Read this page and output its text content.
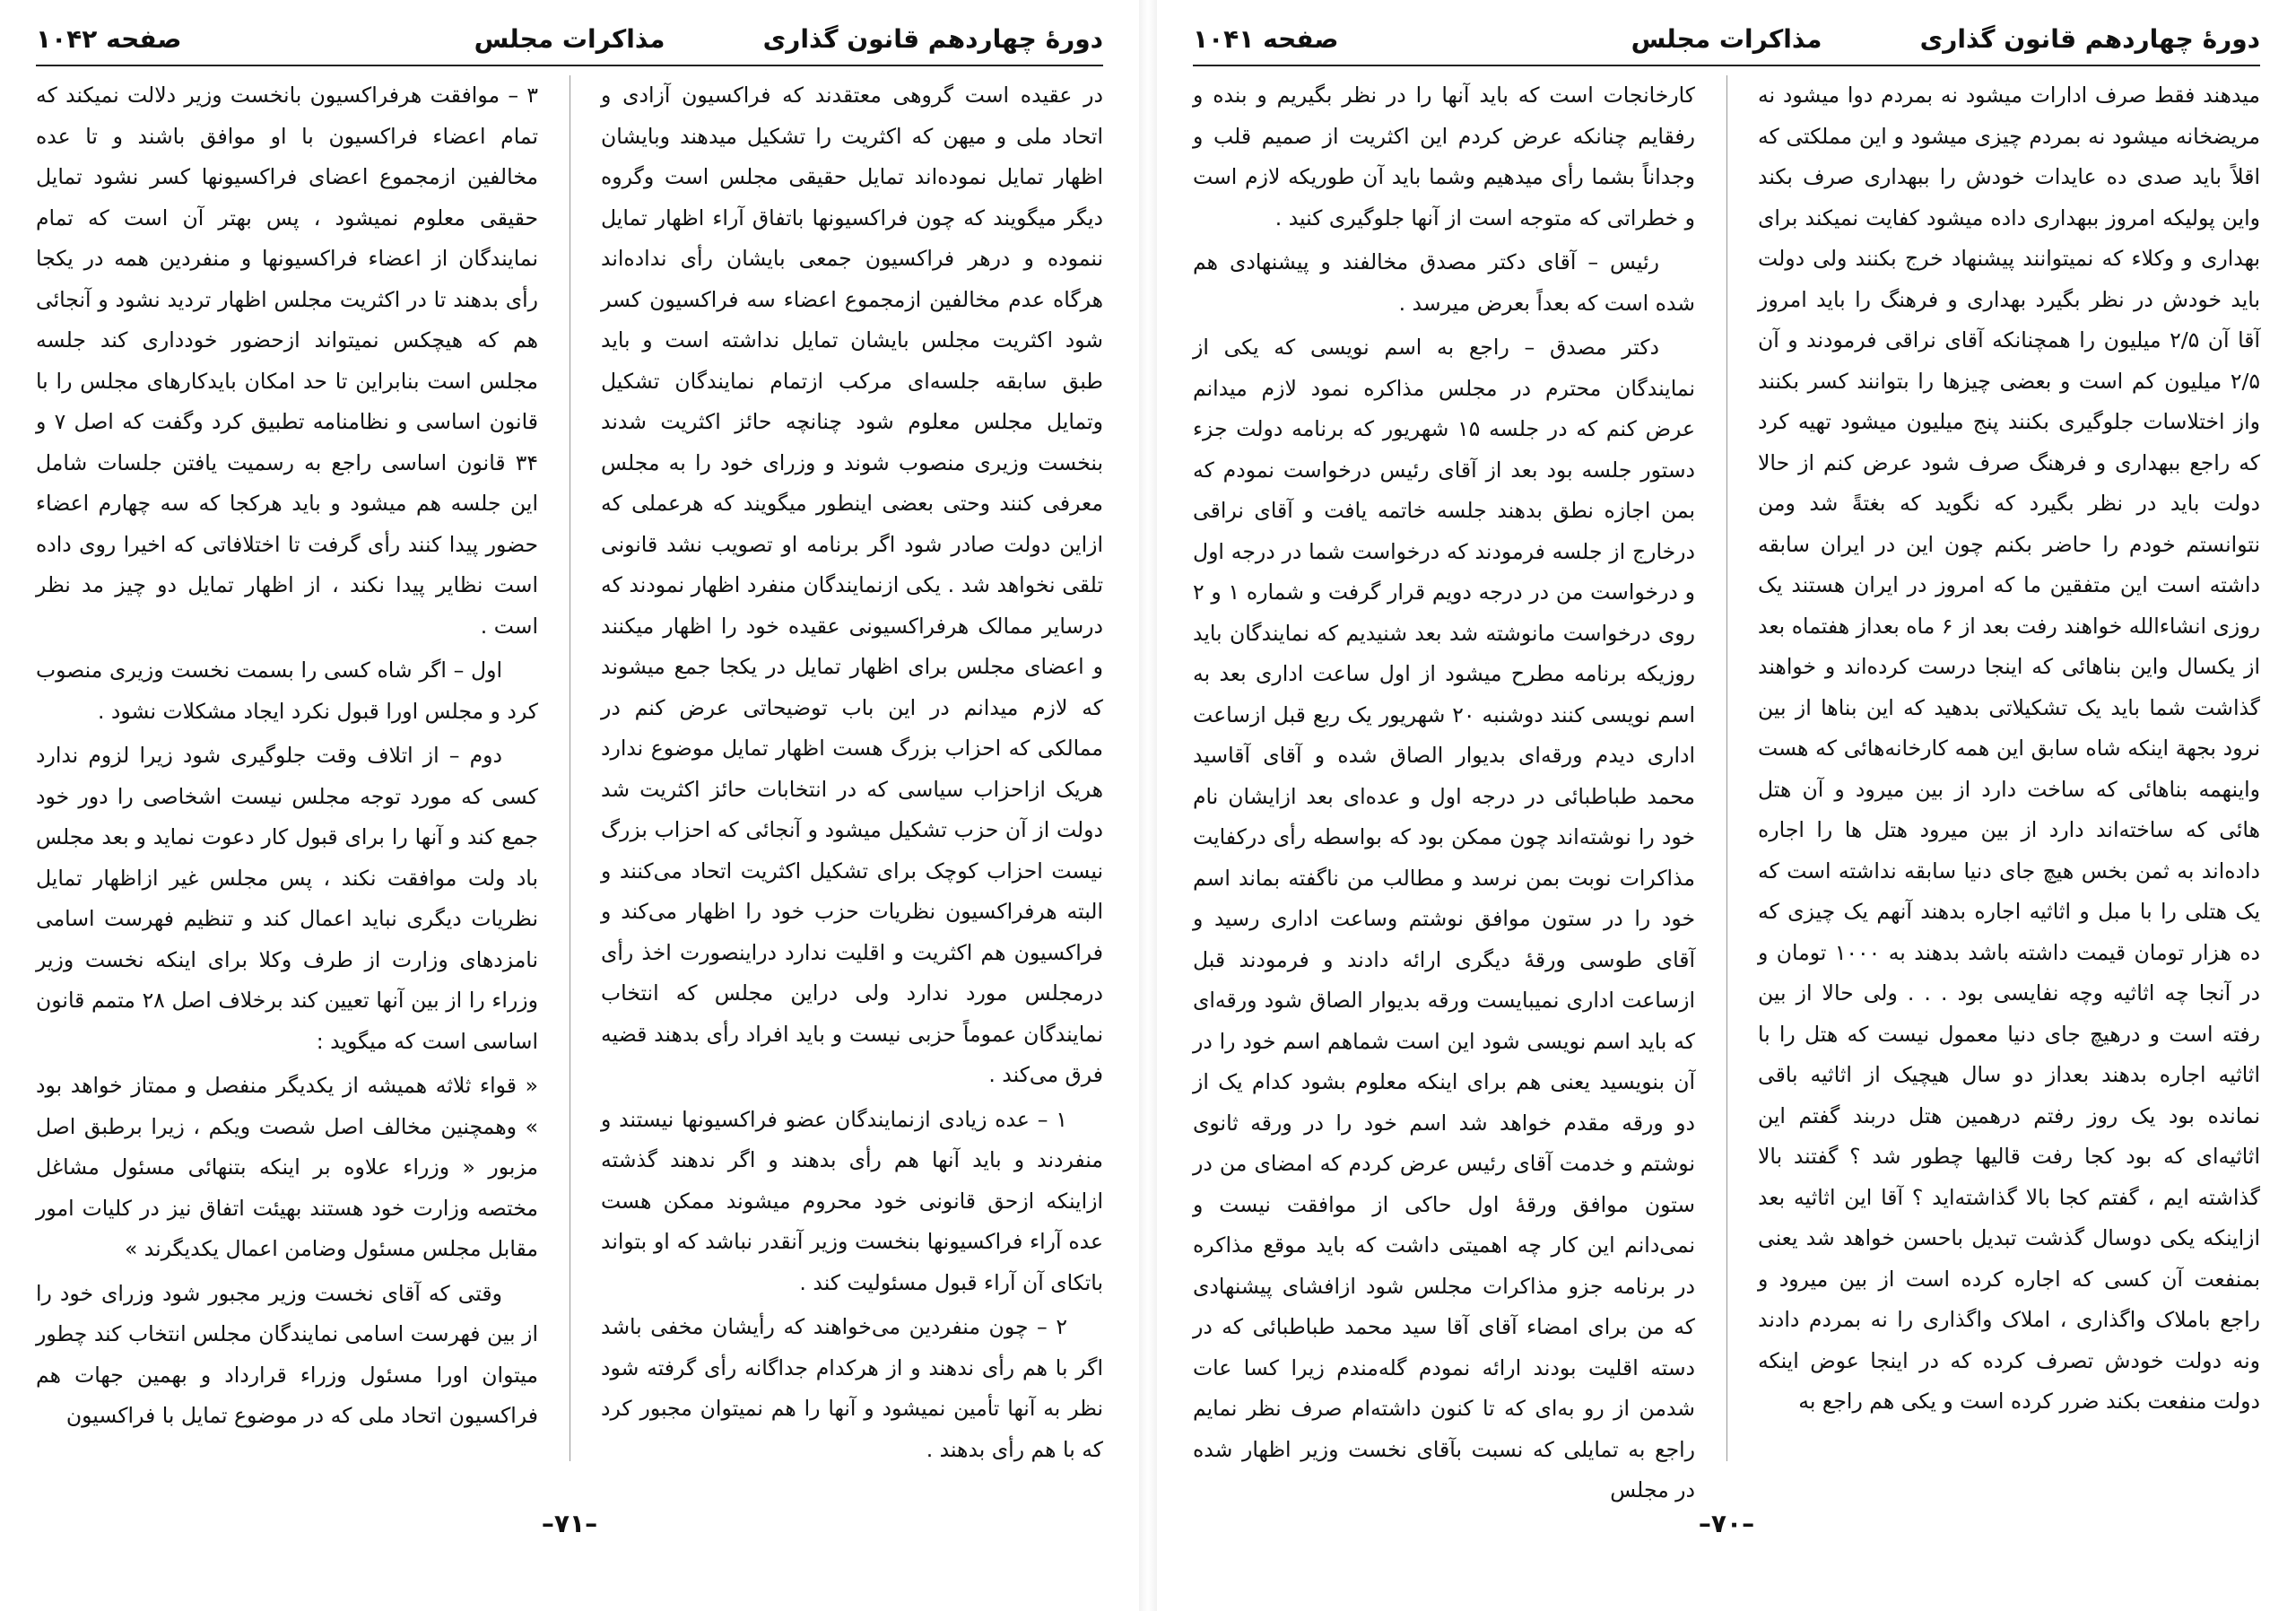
دورهٔ چهاردهم قانون گذاری
مذاکرات مجلس
صفحه ۱۰۴۲

در عقیده است گروهی معتقدند که فراکسیون آزادی و اتحاد ملی و میهن که اکثریت را تشکیل میدهند وبایشان اظهار تمایل نموده‌اند تمایل حقیقی مجلس است وگروه دیگر میگویند که چون فراکسیونها باتفاق آراء اظهار تمایل ننموده و درهر فراکسیون جمعی بایشان رأی نداده‌اند هرگاه عدم مخالفین ازمجموع اعضاء سه فراکسیون کسر شود اکثریت مجلس بایشان تمایل نداشته است و باید طبق سابقه جلسه‌ای مرکب ازتمام نمایندگان تشکیل وتمایل مجلس معلوم شود چنانچه حائز اکثریت شدند بنخست وزیری منصوب شوند و وزرای خود را به مجلس معرفی کنند وحتی بعضی اینطور میگویند که هرعملی که ازاین دولت صادر شود اگر برنامه او تصویب نشد قانونی تلقی نخواهد شد . یکی ازنمایندگان منفرد اظهار نمودند که درسایر ممالک هرفراکسیونی عقیده خود را اظهار میکنند و اعضای مجلس برای اظهار تمایل در یکجا جمع میشوند که لازم میدانم در این باب توضیحاتی عرض کنم در ممالکی که احزاب بزرگ هست اظهار تمایل موضوع ندارد هریک ازاحزاب سیاسی که در انتخابات حائز اکثریت شد دولت از آن حزب تشکیل میشود و آنجائی که احزاب بزرگ نیست احزاب کوچک برای تشکیل اکثریت اتحاد می‌کنند و البته هرفراکسیون نظریات حزب خود را اظهار می‌کند و فراکسیون هم اکثریت و اقلیت ندارد دراینصورت اخذ رأی درمجلس مورد ندارد ولی دراین مجلس که انتخاب نمایندگان عموماً حزبی نیست و باید افراد رأی بدهند قضیه فرق می‌کند .

۱ – عده زیادی ازنمایندگان عضو فراکسیونها نیستند و منفردند و باید آنها هم رأی بدهند و اگر ندهند گذشته ازاینکه ازحق قانونی خود محروم میشوند ممکن هست عده آراء فراکسیونها بنخست وزیر آنقدر نباشد که او بتواند باتکای آن آراء قبول مسئولیت کند .

۲ – چون منفردین می‌خواهند که رأیشان مخفی باشد اگر با هم رأی ندهند و از هرکدام جداگانه رأی گرفته شود نظر به آنها تأمین نمیشود و آنها را هم نمیتوان مجبور کرد که با هم رأی بدهند .

۳ – موافقت هرفراکسیون بانخست وزیر دلالت نمیکند که تمام اعضاء فراکسیون با او موافق باشند و تا عده مخالفین ازمجموع اعضای فراکسیونها کسر نشود تمایل حقیقی معلوم نمیشود ، پس بهتر آن است که تمام نمایندگان از اعضاء فراکسیونها و منفردین همه در یکجا رأی بدهند تا در اکثریت مجلس اظهار تردید نشود و آنجائی هم که هیچکس نمیتواند ازحضور خودداری کند جلسه مجلس است بنابراین تا حد امکان بایدکارهای مجلس را با قانون اساسی و نظامنامه تطبیق کرد وگفت که اصل ۷ و ۳۴ قانون اساسی راجع به رسمیت یافتن جلسات شامل این جلسه هم میشود و باید هرکجا که سه چهارم اعضاء حضور پیدا کنند رأی گرفت تا اختلافاتی که اخیرا روی داده است نظایر پیدا نکند ، از اظهار تمایل دو چیز مد نظر است .

اول – اگر شاه کسی را بسمت نخست وزیری منصوب کرد و مجلس اورا قبول نکرد ایجاد مشکلات نشود .

دوم – از اتلاف وقت جلوگیری شود زیرا لزوم ندارد کسی که مورد توجه مجلس نیست اشخاصی را دور خود جمع کند و آنها را برای قبول کار دعوت نماید و بعد مجلس باد ولت موافقت نکند ، پس مجلس غیر ازاظهار تمایل نظریات دیگری نباید اعمال کند و تنظیم فهرست اسامی نامزدهای وزارت از طرف وکلا برای اینکه نخست وزیر وزراء را از بین آنها تعیین کند برخلاف اصل ۲۸ متمم قانون اساسی است که میگوید :

« قواء ثلاثه همیشه از یکدیگر منفصل و ممتاز خواهد بود » وهمچنین مخالف اصل شصت ویکم ، زیرا برطبق اصل مزبور « وزراء علاوه بر اینکه بتنهائی مسئول مشاغل مختصه وزارت خود هستند بهیئت اتفاق نیز در کلیات امور مقابل مجلس مسئول وضامن اعمال یکدیگرند »

وقتی که آقای نخست وزیر مجبور شود وزرای خود را از بین فهرست اسامی نمایندگان مجلس انتخاب کند چطور میتوان اورا مسئول وزراء قرارداد و بهمین جهات هم فراکسیون اتحاد ملی که در موضوع تمایل با فراکسیون

–۷۱–
دورهٔ چهاردهم قانون گذاری
مذاکرات مجلس
صفحه ۱۰۴۱

میدهند فقط صرف ادارات میشود نه بمردم دوا میشود نه مریضخانه میشود نه بمردم چیزی میشود و این مملکتی که اقلاً باید صدی ده عایدات خودش را ببهداری صرف بکند واین پولیکه امروز ببهداری داده میشود کفایت نمیکند برای بهداری و وکلاء که نمیتوانند پیشنهاد خرج بکنند ولی دولت باید خودش در نظر بگیرد بهداری و فرهنگ را باید امروز آقا آن ۲/۵ میلیون را همچنانکه آقای نراقی فرمودند و آن ۲/۵ میلیون کم است و بعضی چیزها را بتوانند کسر بکنند واز اختلاسات جلوگیری بکنند پنج میلیون میشود تهیه کرد که راجع ببهداری و فرهنگ صرف شود عرض کنم از حالا دولت باید در نظر بگیرد که نگوید که بغتةً شد ومن نتوانستم خودم را حاضر بکنم چون این در ایران سابقه داشته است این متفقین ما که امروز در ایران هستند یک روزی انشاءالله خواهند رفت بعد از ۶ ماه بعداز هفتماه بعد از یکسال واین بناهائی که اینجا درست کرده‌اند و خواهند گذاشت شما باید یک تشکیلاتی بدهید که این بناها از بین نرود بجهة اینکه شاه سابق این همه کارخانه‌هائی که هست واینهمه بناهائی که ساخت دارد از بین میرود و آن هتل هائی که ساخته‌اند دارد از بین میرود هتل ها را اجاره داده‌اند به ثمن بخس هیچ جای دنیا سابقه نداشته است که یک هتلی را با مبل و اثاثیه اجاره بدهند آنهم یک چیزی که ده هزار تومان قیمت داشته باشد بدهند به ۱۰۰۰ تومان و در آنجا چه اثاثیه وچه نفایسی بود . . . ولی حالا از بین رفته است و درهیچ جای دنیا معمول نیست که هتل را با اثاثیه اجاره بدهند بعداز دو سال هیچیک از اثاثیه باقی نمانده بود یک روز رفتم درهمین هتل دربند گفتم این اثاثیه‌ای که بود کجا رفت قالیها چطور شد ؟ گفتند بالا گذاشته ایم ، گفتم کجا بالا گذاشته‌اید ؟ آقا این اثاثیه بعد ازاینکه یکی دوسال گذشت تبدیل باحسن خواهد شد یعنی بمنفعت آن کسی که اجاره کرده است از بین میرود و راجع باملاک واگذاری ، املاک واگذاری را نه بمردم دادند ونه دولت خودش تصرف کرده که در اینجا عوض اینکه دولت منفعت بکند ضرر کرده است و یکی هم راجع به

کارخانجات است که باید آنها را در نظر بگیریم و بنده و رفقایم چنانکه عرض کردم این اکثریت از صمیم قلب و وجداناً بشما رأی میدهیم وشما باید آن طوریکه لازم است و خطراتی که متوجه است از آنها جلوگیری کنید .

رئیس – آقای دکتر مصدق مخالفند و پیشنهادی هم شده است که بعداً بعرض میرسد .

دکتر مصدق – راجع به اسم نویسی که یکی از نمایندگان محترم در مجلس مذاکره نمود لازم میدانم عرض کنم که در جلسه ۱۵ شهریور که برنامه دولت جزء دستور جلسه بود بعد از آقای رئیس درخواست نمودم که بمن اجازه نطق بدهند جلسه خاتمه یافت و آقای نراقی درخارج از جلسه فرمودند که درخواست شما در درجه اول و درخواست من در درجه دویم قرار گرفت و شماره ۱ و ۲ روی درخواست مانوشته شد بعد شنیدیم که نمایندگان باید روزیکه برنامه مطرح میشود از اول ساعت اداری بعد به اسم نویسی کنند دوشنبه ۲۰ شهریور یک ربع قبل ازساعت اداری دیدم ورقه‌ای بدیوار الصاق شده و آقای آقاسید محمد طباطبائی در درجه اول و عده‌ای بعد ازایشان نام خود را نوشته‌اند چون ممکن بود که بواسطه رأی درکفایت مذاکرات نوبت بمن نرسد و مطالب من ناگفته بماند اسم خود را در ستون موافق نوشتم وساعت اداری رسید و آقای طوسی ورقهٔ دیگری ارائه دادند و فرمودند قبل ازساعت اداری نمیبایست ورقه بدیوار الصاق شود ورقه‌ای که باید اسم نویسی شود این است شماهم اسم خود را در آن بنویسید یعنی هم برای اینکه معلوم بشود کدام یک از دو ورقه مقدم خواهد شد اسم خود را در ورقه ثانوی نوشتم و خدمت آقای رئیس عرض کردم که امضای من در ستون موافق ورقهٔ اول حاکی از موافقت نیست و نمی‌دانم این کار چه اهمیتی داشت که باید موقع مذاکره در برنامه جزو مذاکرات مجلس شود ازافشای پیشنهادی که من برای امضاء آقای آقا سید محمد طباطبائی که در دسته اقلیت بودند ارائه نمودم گله‌مندم زیرا کسا عات شدمن از رو به‌ای که تا کنون داشته‌ام صرف نظر نمایم راجع به تمایلی که نسبت بآقای نخست وزیر اظهار شده در مجلس

–۷۰–
